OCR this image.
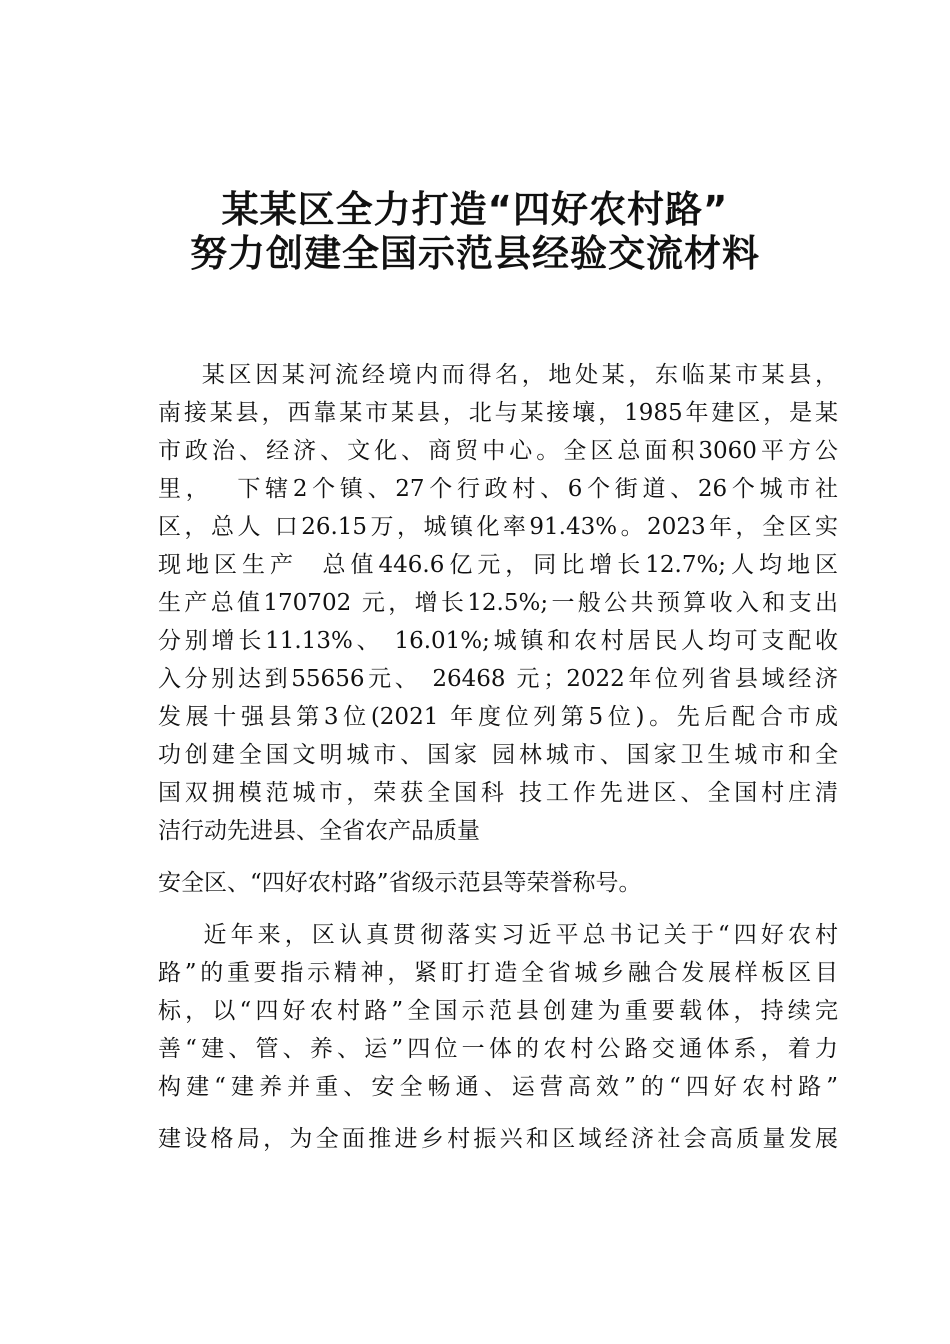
某某区全力打造“四好农村路”
努力创建全国示范县经验交流材料
某区因某河流经境内而得名，地处某，东临某市某县，
南接某县，西靠某市某县，北与某接壤，1985年建区，是某
市政治、经济、文化、商贸中心。全区总面积3060平方公
里，  下辖2个镇、27个行政村、6个街道、26个城市社
区，总人 口26.15万，城镇化率91.43%。2023年，全区实
现地区生产  总值446.6亿元，同比增长12.7%;人均地区
生产总值170702 元，增长12.5%;一般公共预算收入和支出
分别增长11.13%、 16.01%;城镇和农村居民人均可支配收
入分别达到55656元、 26468 元；2022年位列省县域经济
发展十强县第3位(2021 年度位列第5位)。先后配合市成
功创建全国文明城市、国家 园林城市、国家卫生城市和全
国双拥模范城市，荣获全国科 技工作先进区、全国村庄清
洁行动先进县、全省农产品质量
安全区、“四好农村路”省级示范县等荣誉称号。
近年来，区认真贯彻落实习近平总书记关于“四好农村
路”的重要指示精神，紧盯打造全省城乡融合发展样板区目
标，以“四好农村路”全国示范县创建为重要载体，持续完
善“建、管、养、运”四位一体的农村公路交通体系，着力
构建“建养并重、安全畅通、运营高效”的“四好农村路”
建设格局，为全面推进乡村振兴和区域经济社会高质量发展
